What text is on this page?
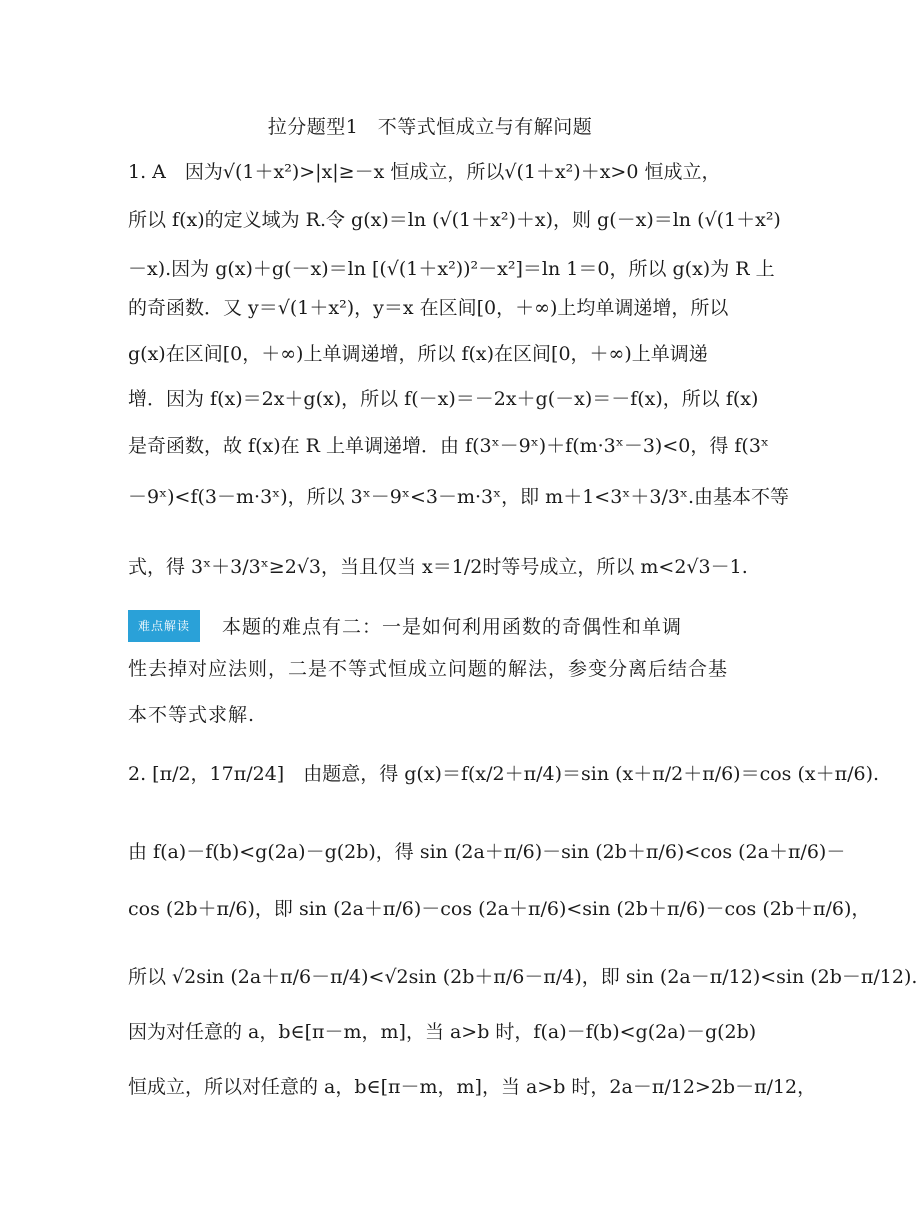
拉分题型1　不等式恒成立与有解问题
1. A　因为√(1＋x²)>|x|≥－x 恒成立，所以√(1＋x²)＋x>0 恒成立，
所以 f(x)的定义域为 R.令 g(x)＝ln (√(1＋x²)＋x)，则 g(－x)＝ln (√(1＋x²)
－x).因为 g(x)＋g(－x)＝ln [(√(1＋x²))²－x²]＝ln 1＝0，所以 g(x)为 R 上
的奇函数．又 y＝√(1＋x²)，y＝x 在区间[0，＋∞)上均单调递增，所以
g(x)在区间[0，＋∞)上单调递增，所以 f(x)在区间[0，＋∞)上单调递
增．因为 f(x)＝2x＋g(x)，所以 f(－x)＝－2x＋g(－x)＝－f(x)，所以 f(x)
是奇函数，故 f(x)在 R 上单调递增．由 f(3ˣ－9ˣ)＋f(m·3ˣ－3)<0，得 f(3ˣ
－9ˣ)<f(3－m·3ˣ)，所以 3ˣ－9ˣ<3－m·3ˣ，即 m＋1<3ˣ＋3/3ˣ.由基本不等
式，得 3ˣ＋3/3ˣ≥2√3，当且仅当 x＝1/2时等号成立，所以 m<2√3－1.
难点解读 本题的难点有二：一是如何利用函数的奇偶性和单调
性去掉对应法则，二是不等式恒成立问题的解法，参变分离后结合基
本不等式求解.
2. [π/2，17π/24]　由题意，得 g(x)＝f(x/2＋π/4)＝sin (x＋π/2＋π/6)＝cos (x＋π/6).
由 f(a)－f(b)<g(2a)－g(2b)，得 sin (2a＋π/6)－sin (2b＋π/6)<cos (2a＋π/6)－
cos (2b＋π/6)，即 sin (2a＋π/6)－cos (2a＋π/6)<sin (2b＋π/6)－cos (2b＋π/6)，
所以 √2sin (2a＋π/6－π/4)<√2sin (2b＋π/6－π/4)，即 sin (2a－π/12)<sin (2b－π/12).
因为对任意的 a，b∈[π－m，m]，当 a>b 时，f(a)－f(b)<g(2a)－g(2b)
恒成立，所以对任意的 a，b∈[π－m，m]，当 a>b 时，2a－π/12>2b－π/12，
